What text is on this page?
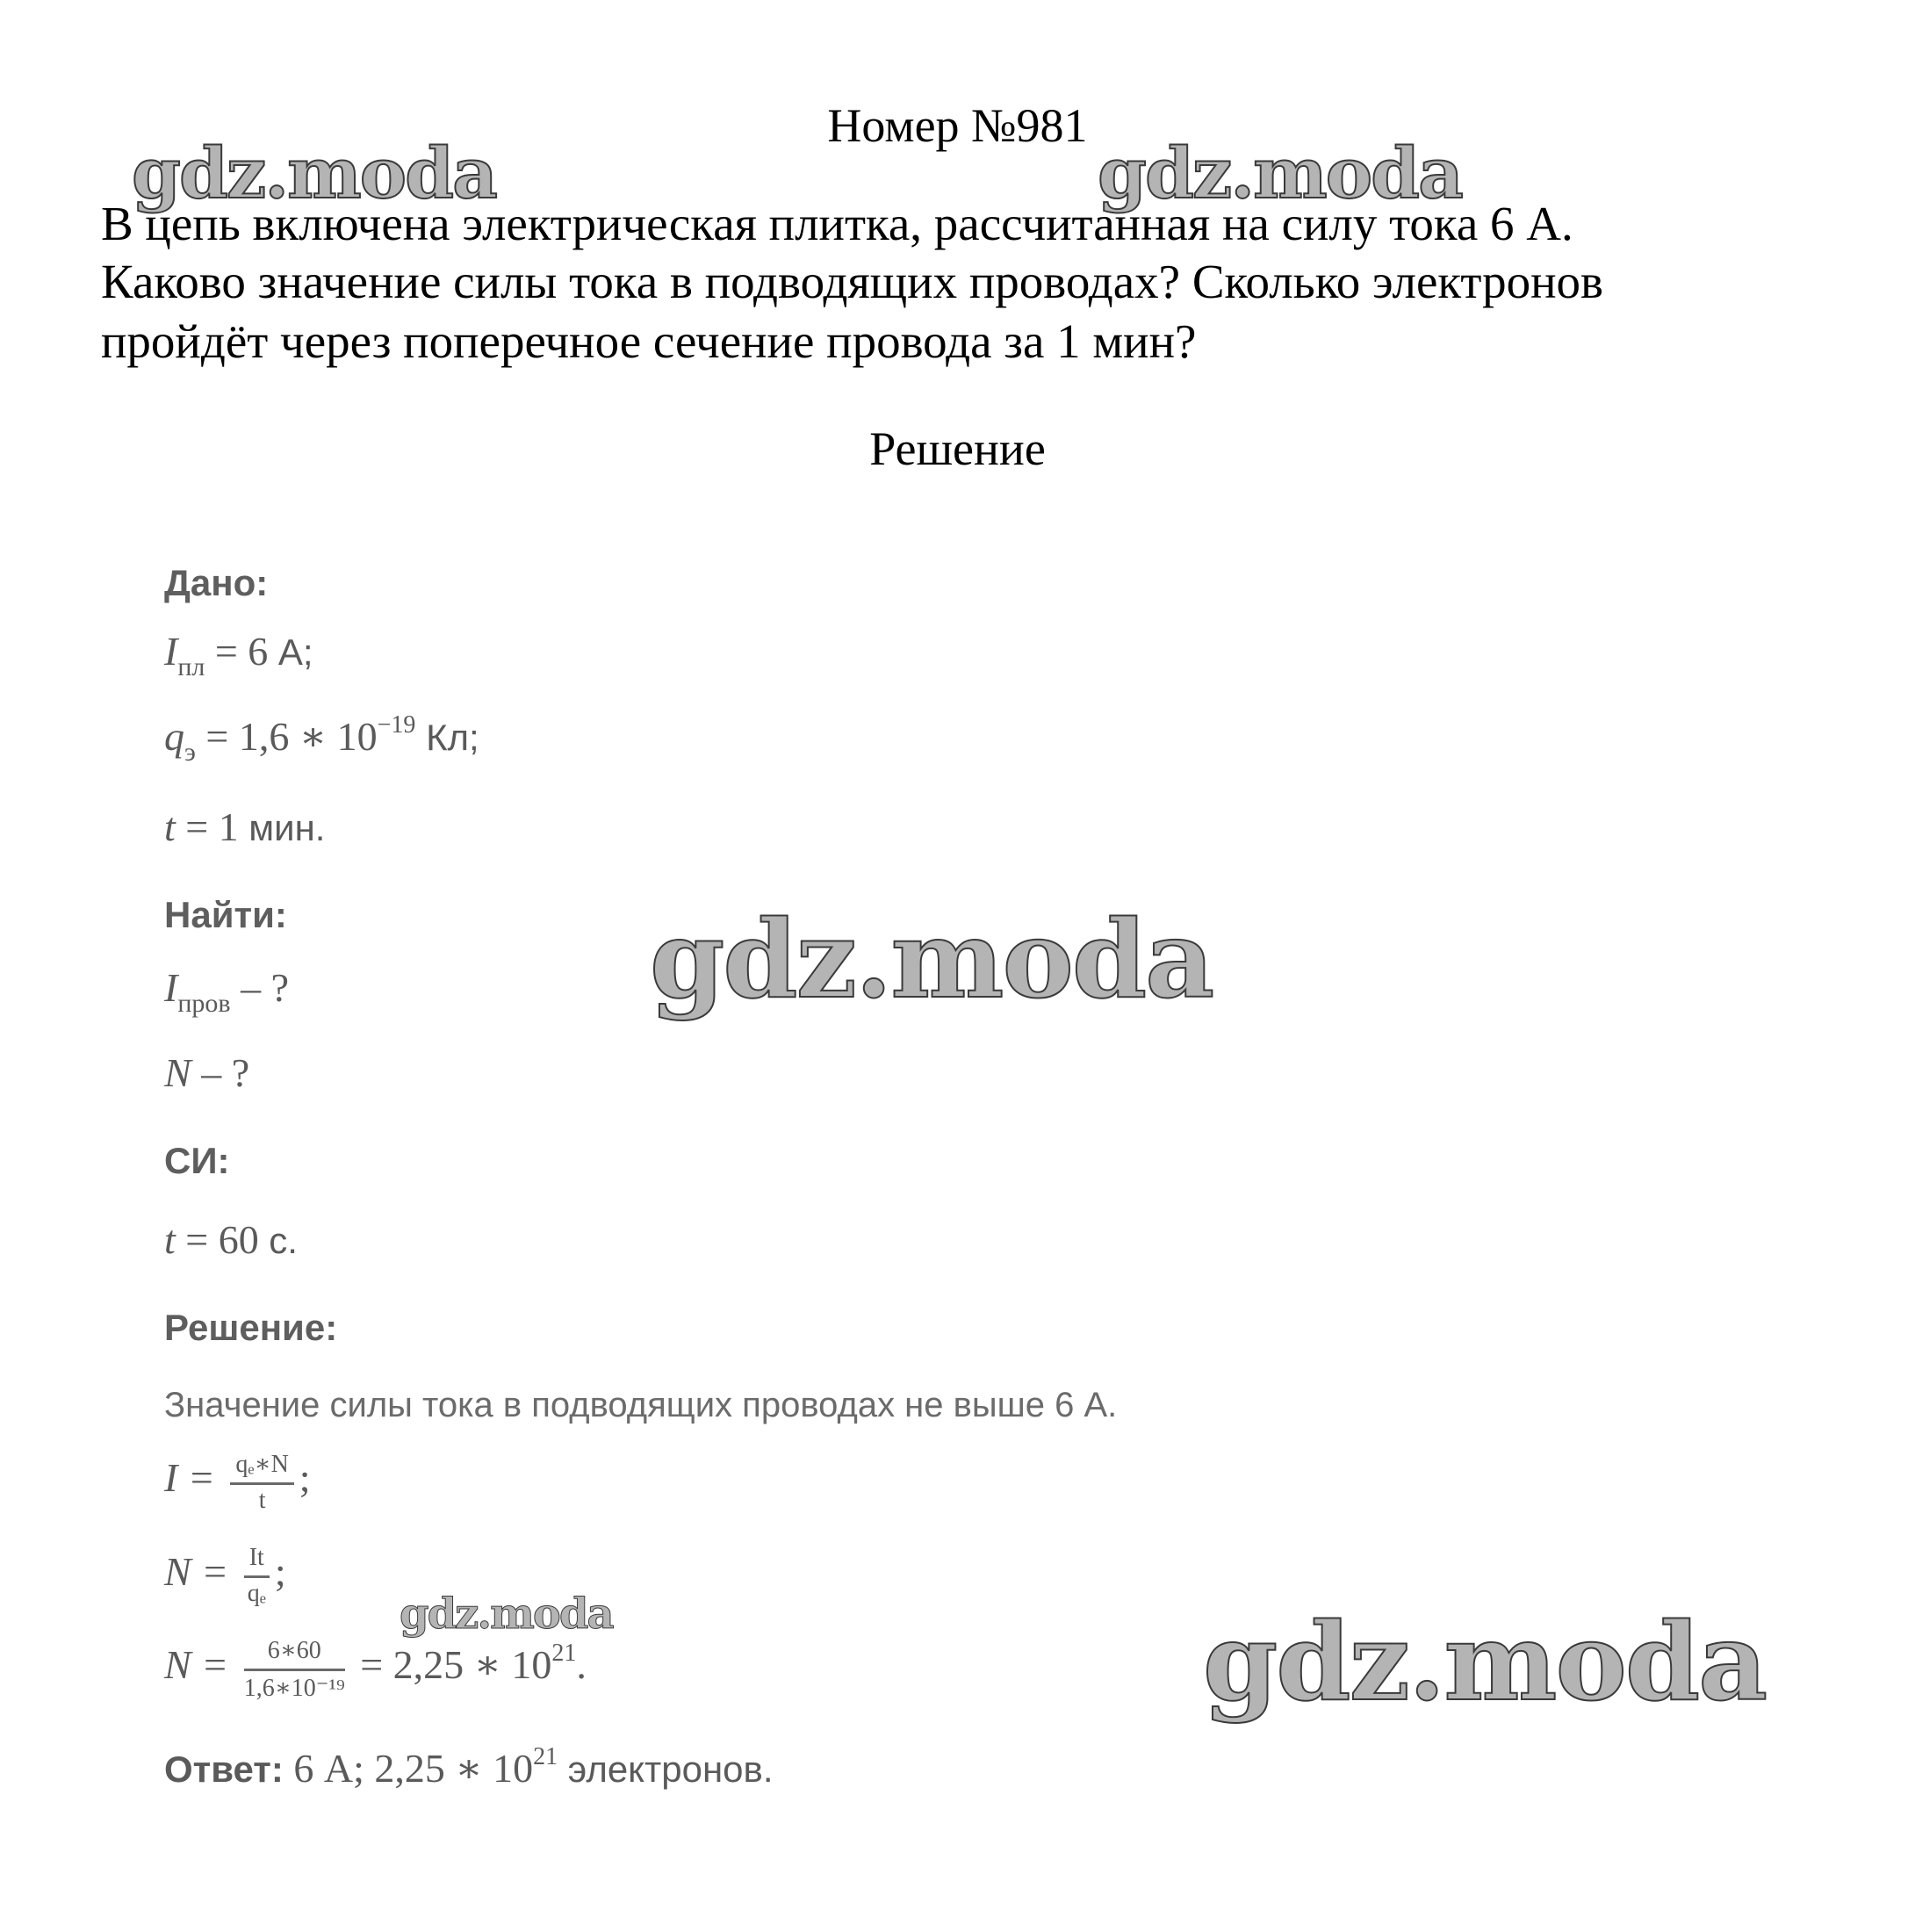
Номер №981
В цепь включена электрическая плитка, рассчитанная на силу тока 6 А.
Каково значение силы тока в подводящих проводах? Сколько электронов
пройдёт через поперечное сечение провода за 1 мин?
Решение
Дано:
$I_{пл} = 6$ А;
$q_э = 1,6$ ∗ $10^{-19}$ Кл;
t = 1 мин.
Найти:
$I_{пров}$ – ?
N – ?
СИ:
t = 60 с.
Решение:
Значение силы тока в подводящих проводах не выше 6 А.
$I = \frac{\text{qₑ∗N}}{t}$ ;
$N = \frac{It}{\text{qₑ}}$ ;
$N = \frac{6∗60}{\text{1,6∗10⁻¹⁹}} = 2,25$ ∗ $10^{21}$.
Ответ: 6 А; 2,25 ∗ $10^{21}$ электронов.
gdz.moda	gdz.moda
gdz.moda
gdz.moda	gdz.moda
